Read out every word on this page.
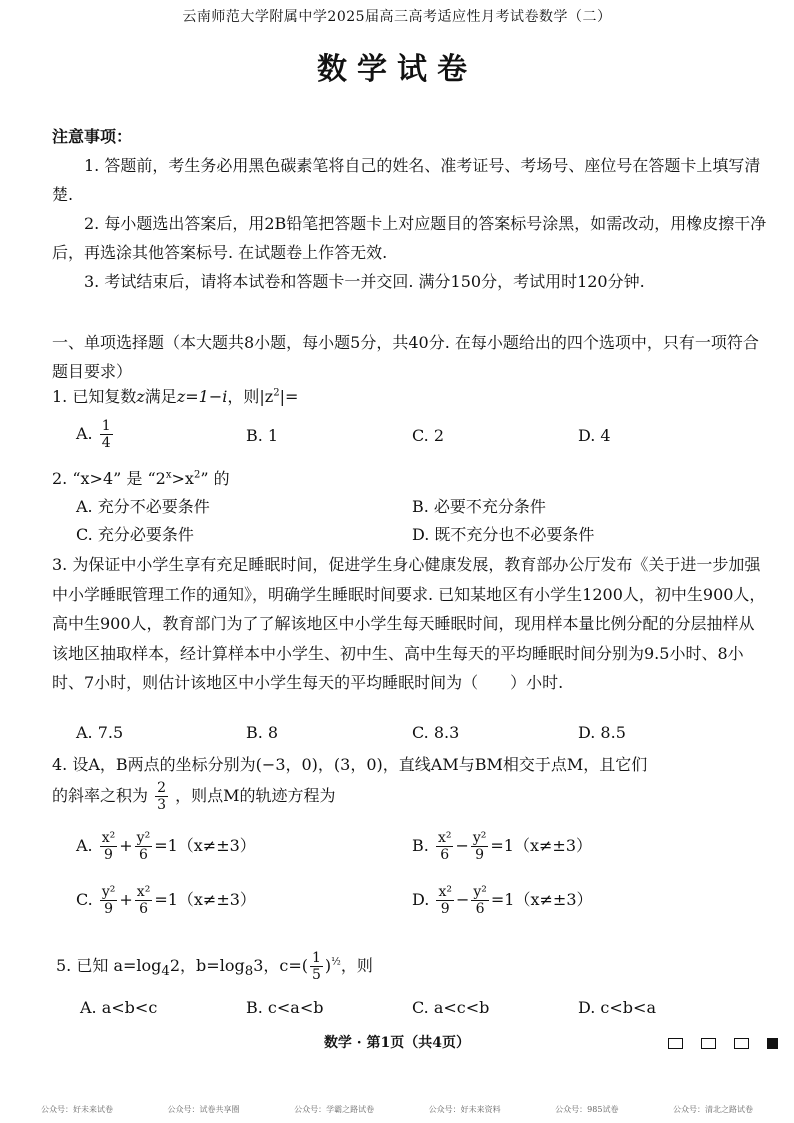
云南师范大学附属中学2025届高三高考适应性月考试卷数学（二）
数学试卷
注意事项：
1. 答题前，考生务必用黑色碳素笔将自己的姓名、准考证号、考场号、座位号在答题卡上填写清楚.
2. 每小题选出答案后，用2B铅笔把答题卡上对应题目的答案标号涂黑，如需改动，用橡皮擦干净后，再选涂其他答案标号. 在试题卷上作答无效.
3. 考试结束后，请将本试卷和答题卡一并交回. 满分150分，考试用时120分钟.
一、单项选择题（本大题共8小题，每小题5分，共40分. 在每小题给出的四个选项中，只有一项符合题目要求）
1. 已知复数z满足z=1−i，则$|z^2|=$
A. $\frac{1}{4}$	B. 1	C. 2	D. 4
2. “x>4” 是 “$2^x>x^2$” 的
A. 充分不必要条件	B. 必要不充分条件
C. 充分必要条件	D. 既不充分也不必要条件
3. 为保证中小学生享有充足睡眠时间，促进学生身心健康发展，教育部办公厅发布《关于进一步加强中小学睡眠管理工作的通知》，明确学生睡眠时间要求. 已知某地区有小学生1200人，初中生900人，高中生900人，教育部门为了了解该地区中小学生每天睡眠时间，现用样本量比例分配的分层抽样从该地区抽取样本，经计算样本中小学生、初中生、高中生每天的平均睡眠时间分别为9.5小时、8小时、7小时，则估计该地区中小学生每天的平均睡眠时间为（　　）小时.
A. 7.5	B. 8	C. 8.3	D. 8.5
4. 设A，B两点的坐标分别为(−3，0)，(3，0)，直线AM与BM相交于点M，且它们
的斜率之积为 $\frac{2}{3}$ ，则点M的轨迹方程为
A. $\frac{\text{x²}}{9} + \frac{\text{y²}}{6} =1(x\ne\pm 3)$	B. $\frac{\text{x²}}{6} - \frac{\text{y²}}{9} =1(x\ne\pm 3)$
C. $\frac{\text{y²}}{9} + \frac{\text{x²}}{6} =1(x\ne\pm 3)$	D. $\frac{\text{x²}}{9} - \frac{\text{y²}}{6} =1(x\ne\pm 3)$
5. 已知 $a=\log_42$，$b=\log_83$，$c=( \frac{1}{5} )^{\frac{1}{2}}$，则
A. a<b<c	B. c<a<b	C. a<c<b	D. c<b<a
数学 · 第1页（共4页）
公众号：好未来试卷	公众号：试卷共享圈	公众号：学霸之路试卷	公众号：好未来资料	公众号：985试卷	公众号：清北之路试卷
